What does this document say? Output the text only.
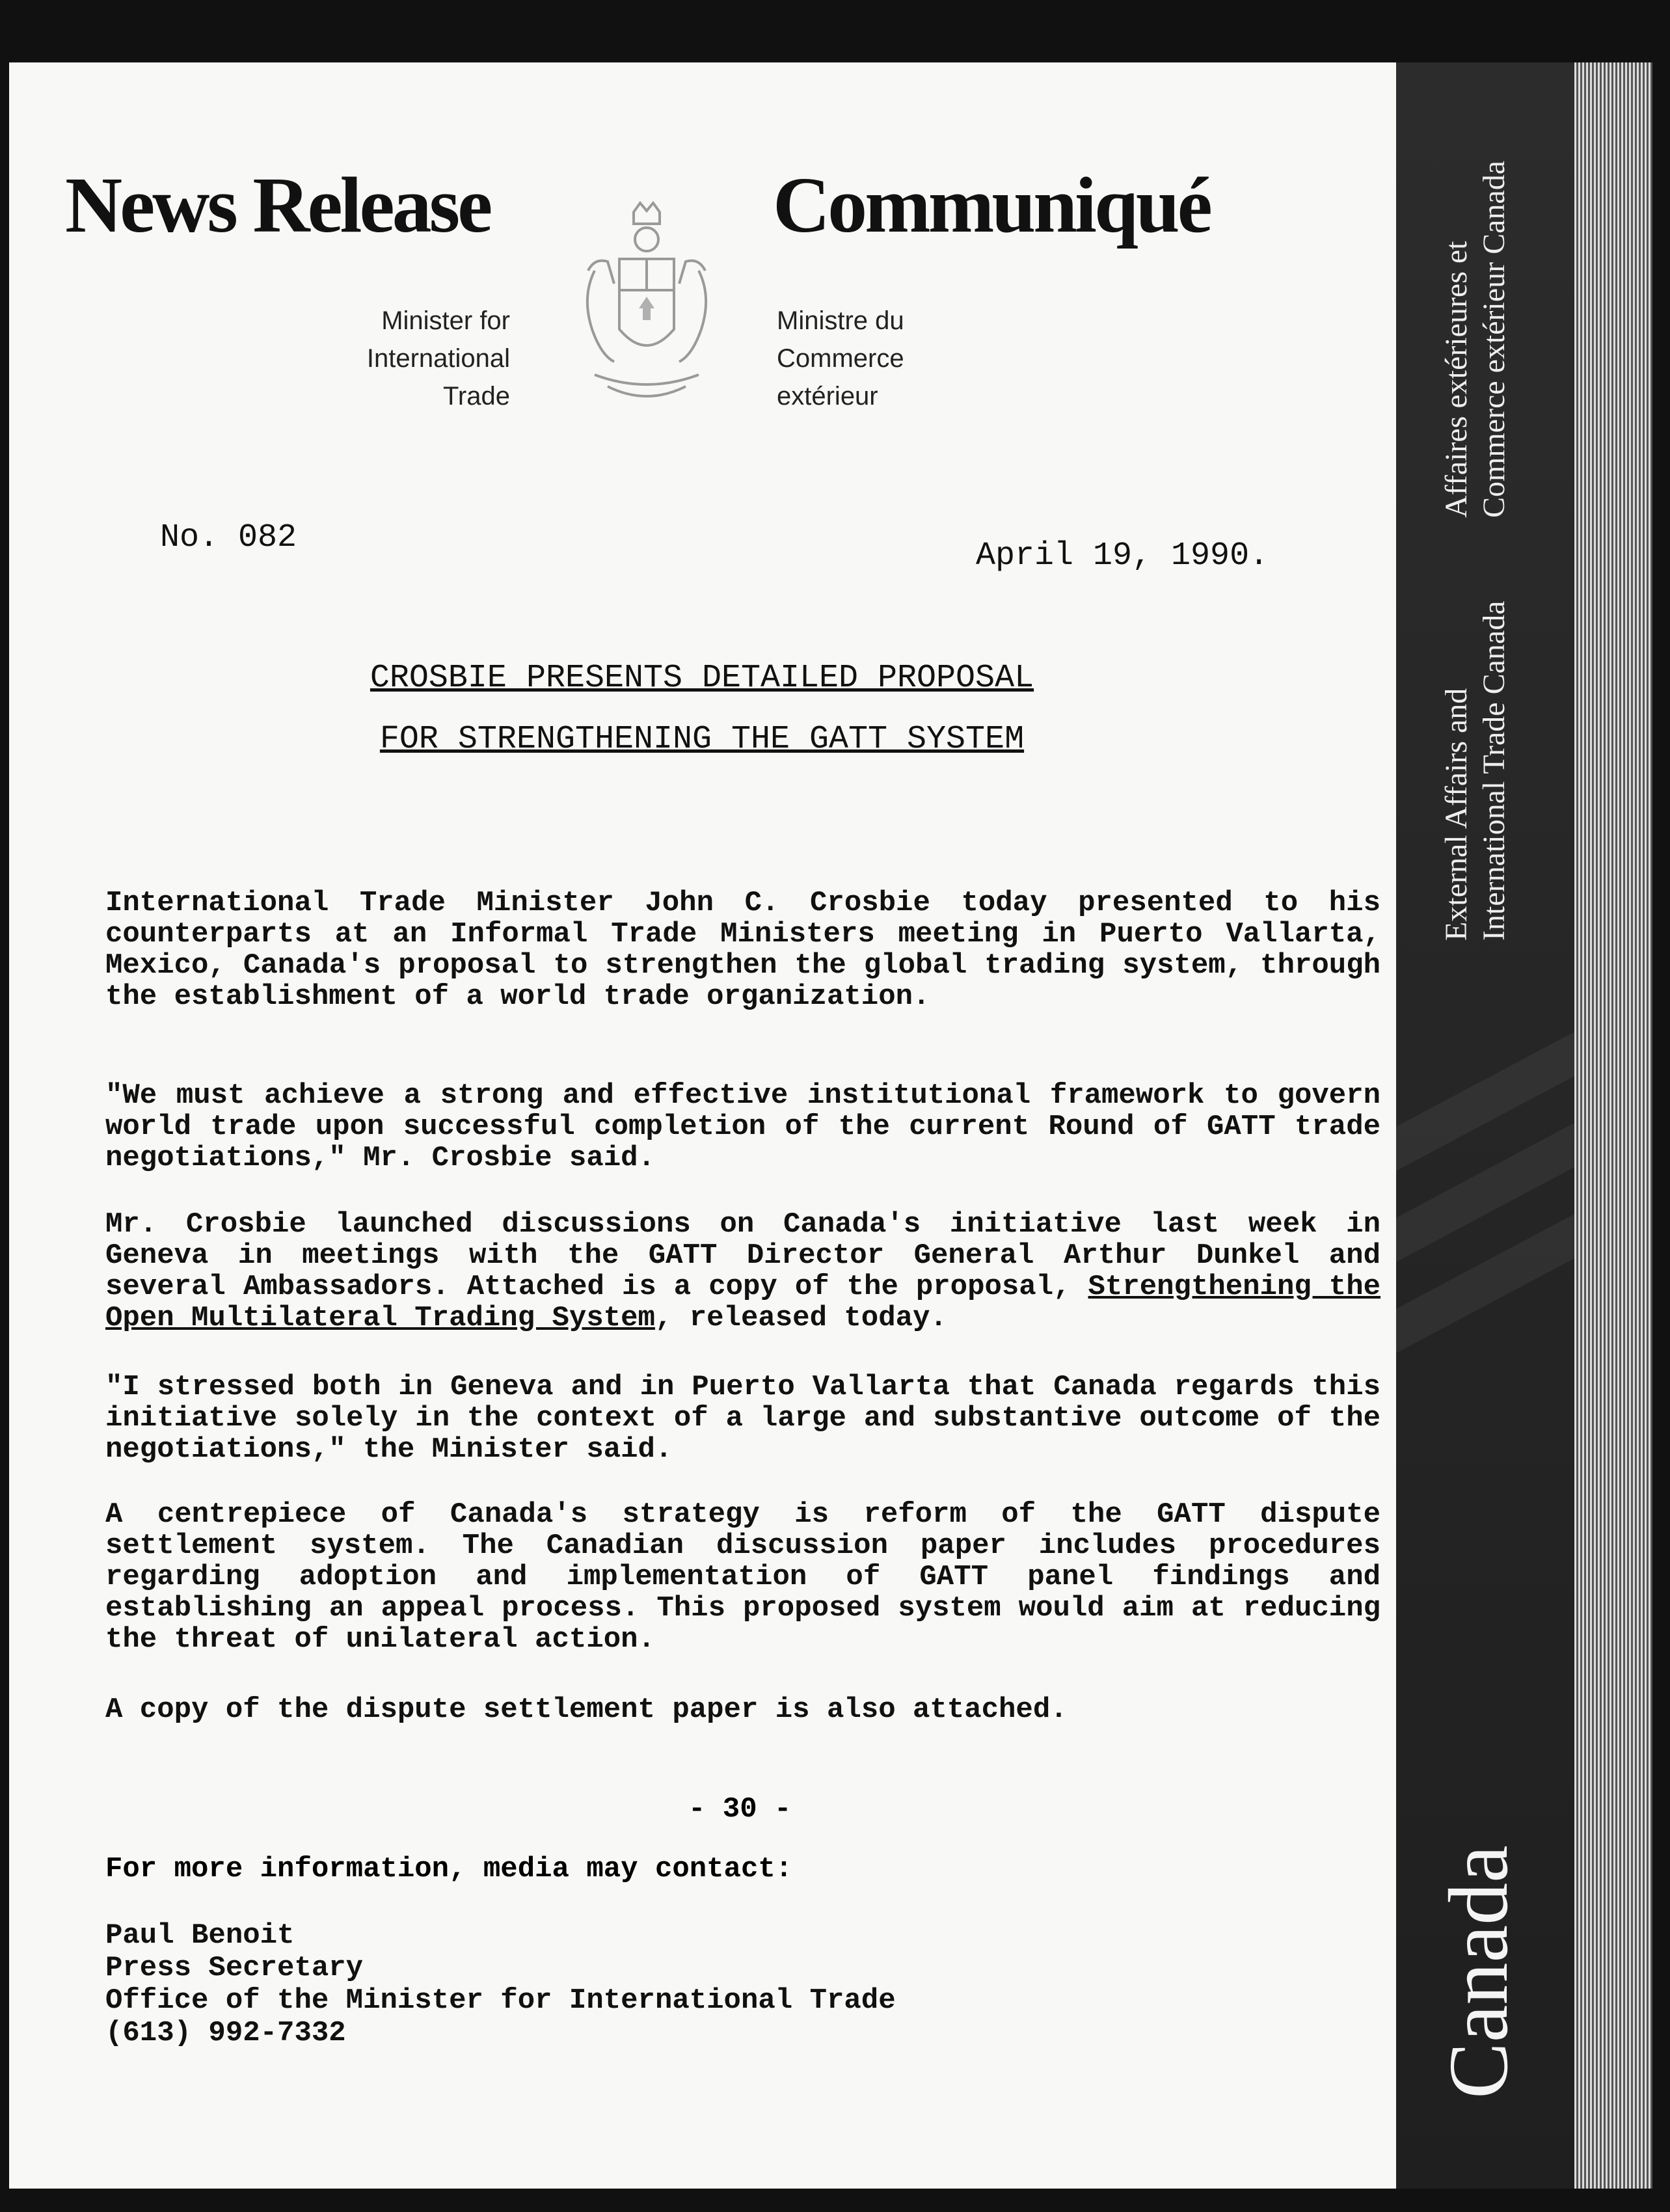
News Release	Communiqué
Minister for
International
Trade
Ministre du
Commerce
extérieur
No. 082	April 19, 1990.
CROSBIE PRESENTS DETAILED PROPOSAL
FOR STRENGTHENING THE GATT SYSTEM

International Trade Minister John C. Crosbie today presented to his counterparts at an Informal Trade Ministers meeting in Puerto Vallarta, Mexico, Canada's proposal to strengthen the global trading system, through the establishment of a world trade organization.

"We must achieve a strong and effective institutional framework to govern world trade upon successful completion of the current Round of GATT trade negotiations," Mr. Crosbie said.

Mr. Crosbie launched discussions on Canada's initiative last week in Geneva in meetings with the GATT Director General Arthur Dunkel and several Ambassadors. Attached is a copy of the proposal, Strengthening the Open Multilateral Trading System, released today.

"I stressed both in Geneva and in Puerto Vallarta that Canada regards this initiative solely in the context of a large and substantive outcome of the negotiations," the Minister said.

A centrepiece of Canada's strategy is reform of the GATT dispute settlement system. The Canadian discussion paper includes procedures regarding adoption and implementation of GATT panel findings and establishing an appeal process. This proposed system would aim at reducing the threat of unilateral action.

A copy of the dispute settlement paper is also attached.

- 30 -
For more information, media may contact:
Paul Benoit
Press Secretary
Office of the Minister for International Trade
(613) 992-7332
Affaires extérieures et Commerce extérieur Canada
External Affairs and International Trade Canada
Canada
